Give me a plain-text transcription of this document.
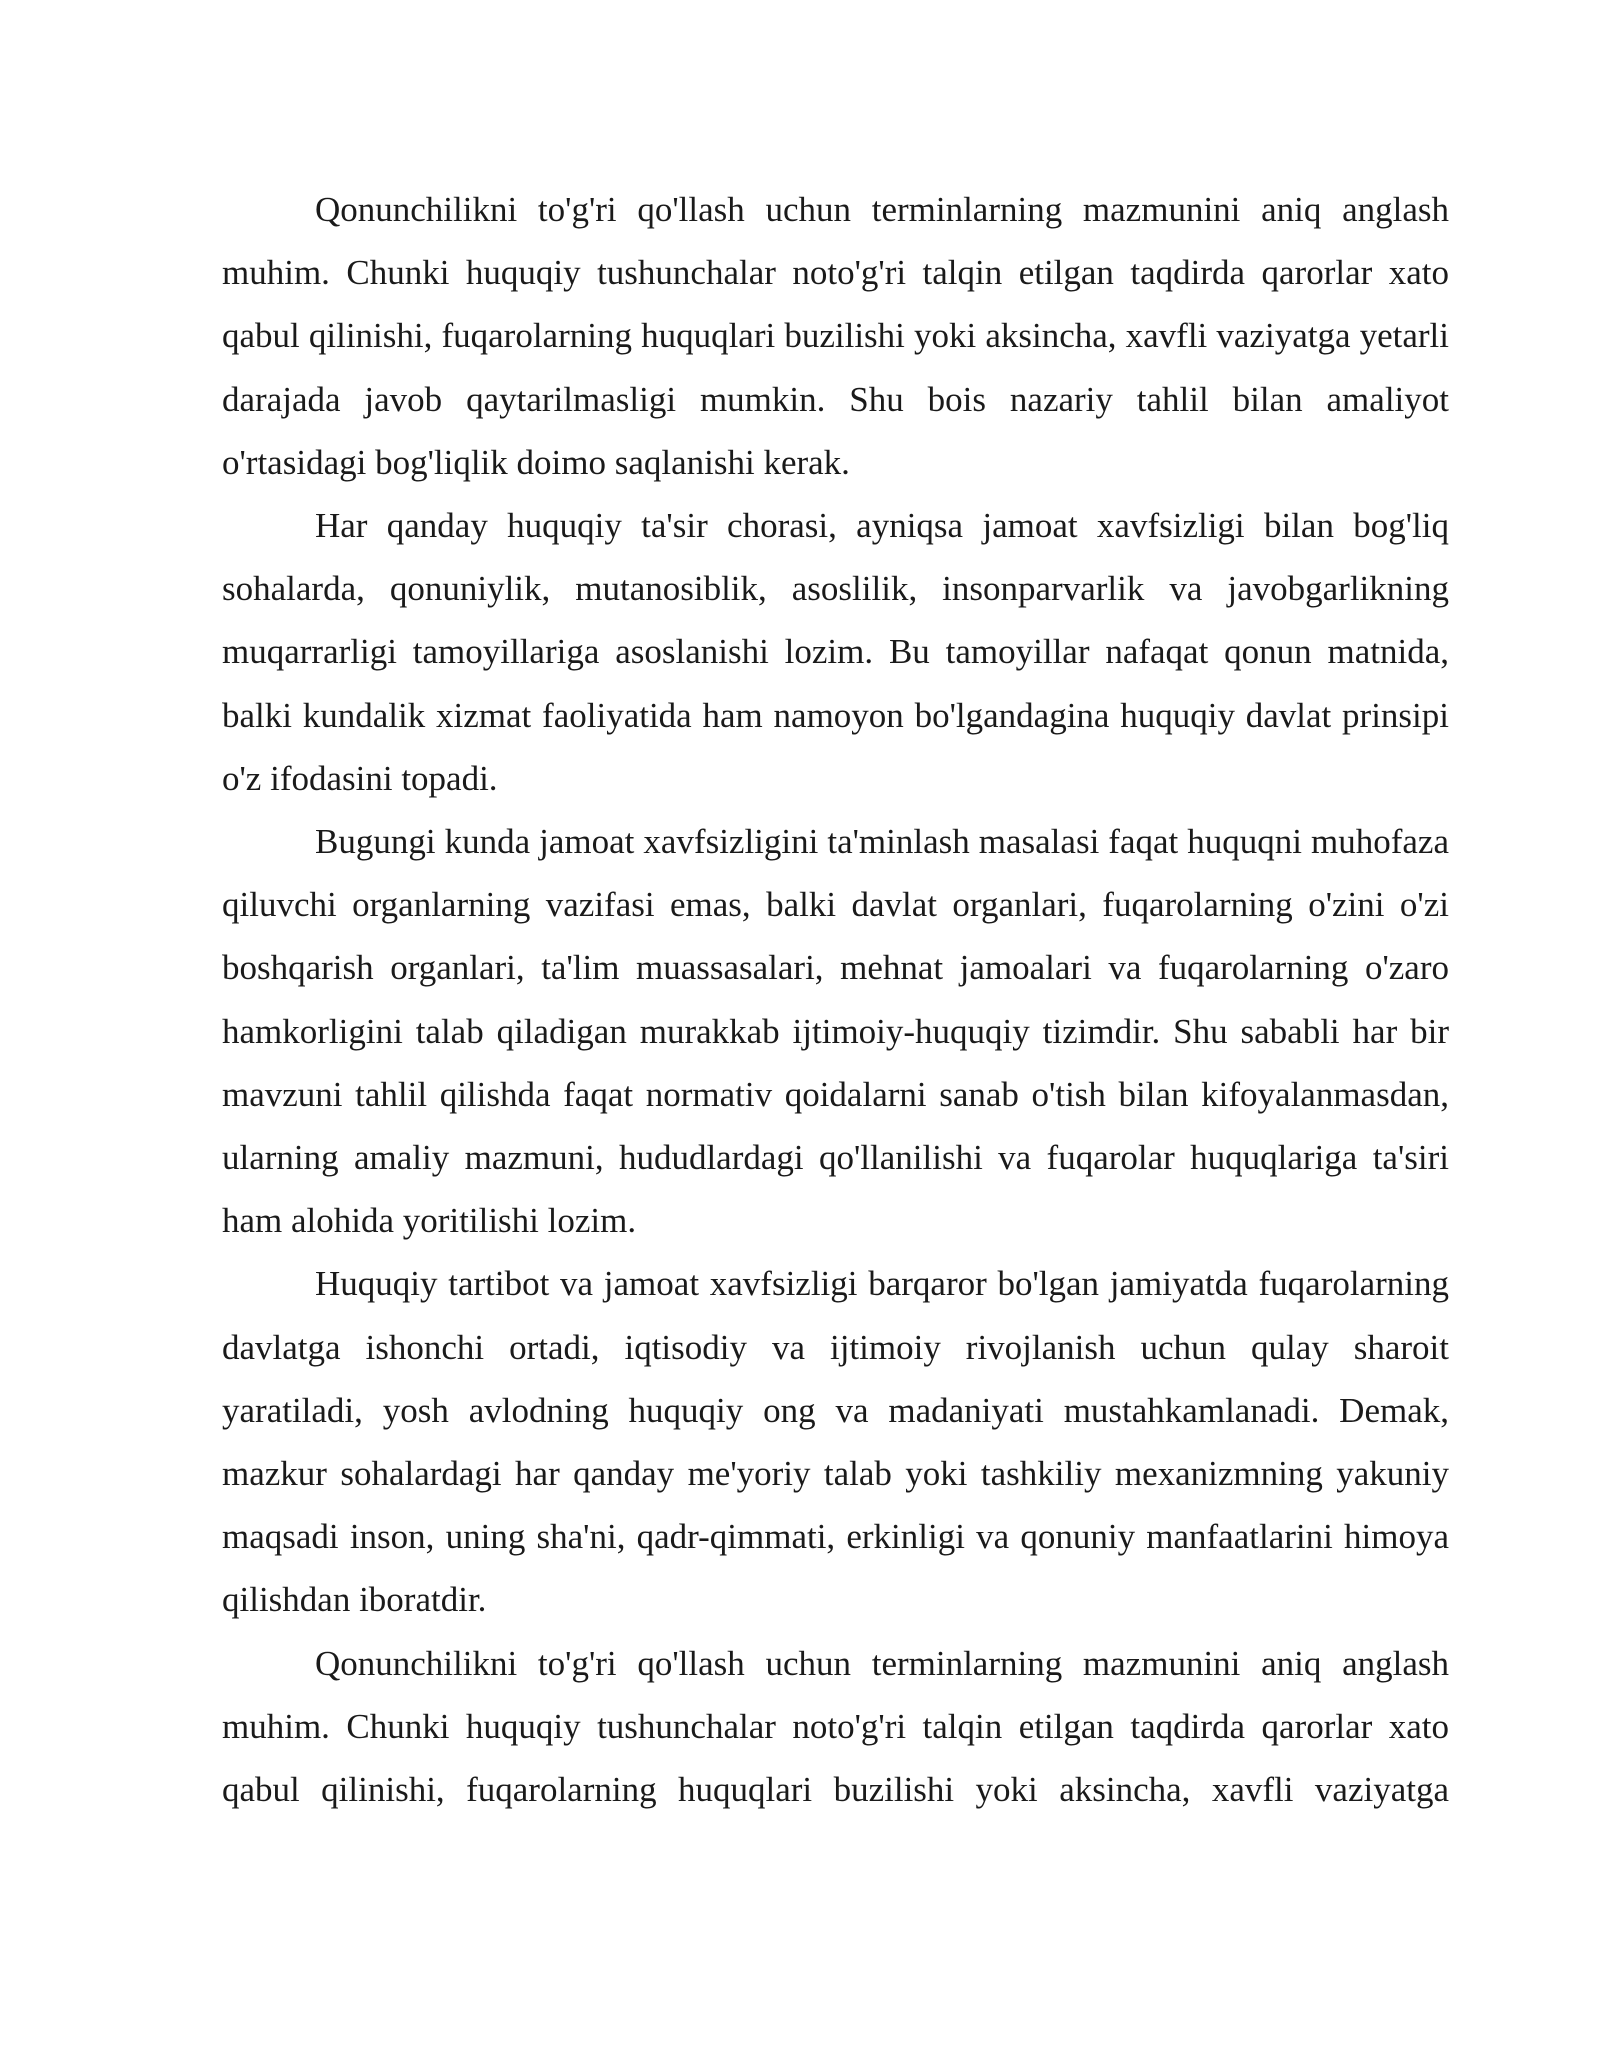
Qonunchilikni to'g'ri qo'llash uchun terminlarning mazmunini aniq anglash muhim. Chunki huquqiy tushunchalar noto'g'ri talqin etilgan taqdirda qarorlar xato qabul qilinishi, fuqarolarning huquqlari buzilishi yoki aksincha, xavfli vaziyatga yetarli darajada javob qaytarilmasligi mumkin. Shu bois nazariy tahlil bilan amaliyot o'rtasidagi bog'liqlik doimo saqlanishi kerak.

Har qanday huquqiy ta'sir chorasi, ayniqsa jamoat xavfsizligi bilan bog'liq sohalarda, qonuniylik, mutanosiblik, asoslilik, insonparvarlik va javobgarlikning muqarrarligi tamoyillariga asoslanishi lozim. Bu tamoyillar nafaqat qonun matnida, balki kundalik xizmat faoliyatida ham namoyon bo'lgandagina huquqiy davlat prinsipi o'z ifodasini topadi.

Bugungi kunda jamoat xavfsizligini ta'minlash masalasi faqat huquqni muhofaza qiluvchi organlarning vazifasi emas, balki davlat organlari, fuqarolarning o'zini o'zi boshqarish organlari, ta'lim muassasalari, mehnat jamoalari va fuqarolarning o'zaro hamkorligini talab qiladigan murakkab ijtimoiy-huquqiy tizimdir. Shu sababli har bir mavzuni tahlil qilishda faqat normativ qoidalarni sanab o'tish bilan kifoyalanmasdan, ularning amaliy mazmuni, hududlardagi qo'llanilishi va fuqarolar huquqlariga ta'siri ham alohida yoritilishi lozim.

Huquqiy tartibot va jamoat xavfsizligi barqaror bo'lgan jamiyatda fuqarolarning davlatga ishonchi ortadi, iqtisodiy va ijtimoiy rivojlanish uchun qulay sharoit yaratiladi, yosh avlodning huquqiy ong va madaniyati mustahkamlanadi. Demak, mazkur sohalardagi har qanday me'yoriy talab yoki tashkiliy mexanizmning yakuniy maqsadi inson, uning sha'ni, qadr-qimmati, erkinligi va qonuniy manfaatlarini himoya qilishdan iboratdir.

Qonunchilikni to'g'ri qo'llash uchun terminlarning mazmunini aniq anglash muhim. Chunki huquqiy tushunchalar noto'g'ri talqin etilgan taqdirda qarorlar xato qabul qilinishi, fuqarolarning huquqlari buzilishi yoki aksincha, xavfli vaziyatga
